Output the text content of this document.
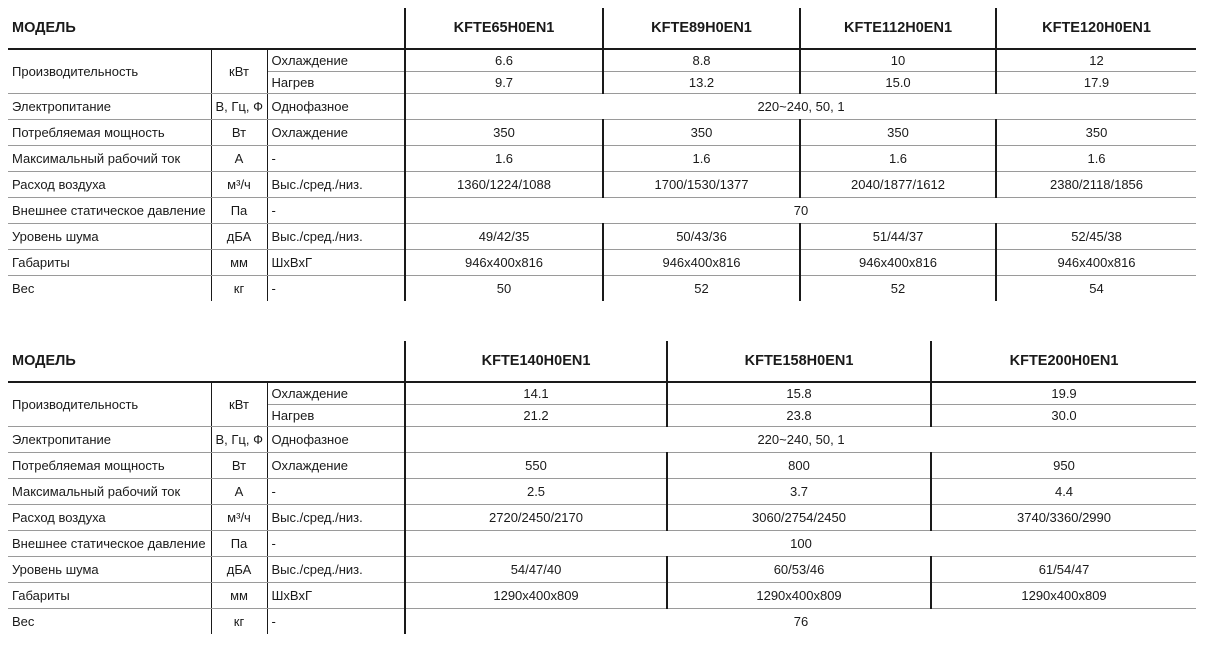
МОДЕЛЬ			KFTE65H0EN1	KFTE89H0EN1	KFTE112H0EN1	KFTE120H0EN1
Производительность	кВт	Охлаждение	6.6	8.8	10	12
		Нагрев	9.7	13.2	15.0	17.9
Электропитание	В, Гц, Ф	Однофазное	220~240, 50, 1			
Потребляемая мощность	Вт	Охлаждение	350	350	350	350
Максимальный рабочий ток	А	-	1.6	1.6	1.6	1.6
Расход воздуха	м³/ч	Выс./сред./низ.	1360/1224/1088	1700/1530/1377	2040/1877/1612	2380/2118/1856
Внешнее статическое давление	Па	-	70			
Уровень шума	дБА	Выс./сред./низ.	49/42/35	50/43/36	51/44/37	52/45/38
Габариты	мм	ШхВхГ	946x400x816	946x400x816	946x400x816	946x400x816
Вес	кг	-	50	52	52	54
МОДЕЛЬ			KFTE140H0EN1	KFTE158H0EN1	KFTE200H0EN1
Производительность	кВт	Охлаждение	14.1	15.8	19.9
		Нагрев	21.2	23.8	30.0
Электропитание	В, Гц, Ф	Однофазное	220~240, 50, 1		
Потребляемая мощность	Вт	Охлаждение	550	800	950
Максимальный рабочий ток	А	-	2.5	3.7	4.4
Расход воздуха	м³/ч	Выс./сред./низ.	2720/2450/2170	3060/2754/2450	3740/3360/2990
Внешнее статическое давление	Па	-	100		
Уровень шума	дБА	Выс./сред./низ.	54/47/40	60/53/46	61/54/47
Габариты	мм	ШхВхГ	1290x400x809	1290x400x809	1290x400x809
Вес	кг	-	76		
